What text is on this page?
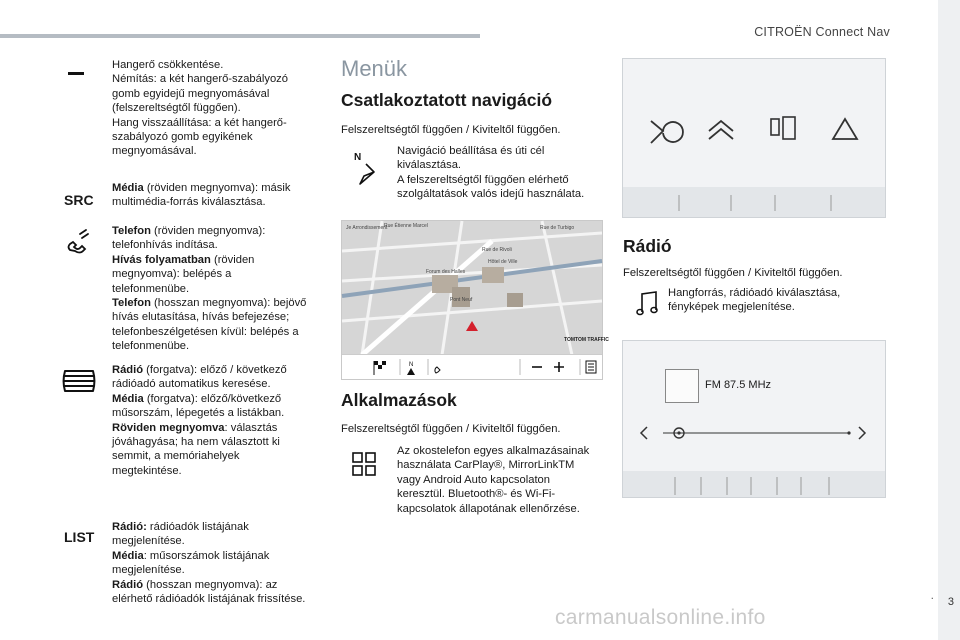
CITROËN Connect Nav
. 3

Hangerő csökkentése.

Némítás: a két hangerő-szabályozó gomb egyidejű megnyomásával (felszereltségtől függően).

Hang visszaállítása: a két hangerő-szabályozó gomb egyikének megnyomásával.

SRC

Média (röviden megnyomva): másik multimédia-forrás kiválasztása.

Telefon (röviden megnyomva): telefonhívás indítása.

Hívás folyamatban (röviden megnyomva): belépés a telefonmenübe.

Telefon (hosszan megnyomva): bejövő hívás elutasítása, hívás befejezése; telefonbeszélgetésen kívül: belépés a telefonmenübe.

Rádió (forgatva): előző / következő rádióadó automatikus keresése.

Média (forgatva): előző/következő műsorszám, lépegetés a listákban.

Röviden megnyomva: választás jóváhagyása; ha nem választott ki semmit, a memóriahelyek megtekintése.

LIST

Rádió: rádióadók listájának megjelenítése.

Média: műsorszámok listájának megjelenítése.

Rádió (hosszan megnyomva): az elérhető rádióadók listájának frissítése.

Menük
Csatlakoztatott navigáció
Felszereltségtől függően / Kiviteltől függően.
N
Navigáció beállítása és úti cél kiválasztása.
A felszereltségtől függően elérhető szolgáltatások valós idejű használata.
Je Arrondissement
Rue Étienne Marcel	Rue de Turbigo
Rue de Rivoli
Forum des Halles
Pont Neuf
Hôtel de Ville
TOMTOM TRAFFIC
N
Alkalmazások
Felszereltségtől függően / Kiviteltől függően.
Az okostelefon egyes alkalmazásainak használata CarPlay®, MirrorLinkTM vagy Android Auto kapcsolaton keresztül. Bluetooth®- és Wi-Fi-kapcsolatok állapotának ellenőrzése.
Rádió
Felszereltségtől függően / Kiviteltől függően.
Hangforrás, rádióadó kiválasztása, fényképek megjelenítése.
FM 87.5 MHz
carmanualsonline.info
